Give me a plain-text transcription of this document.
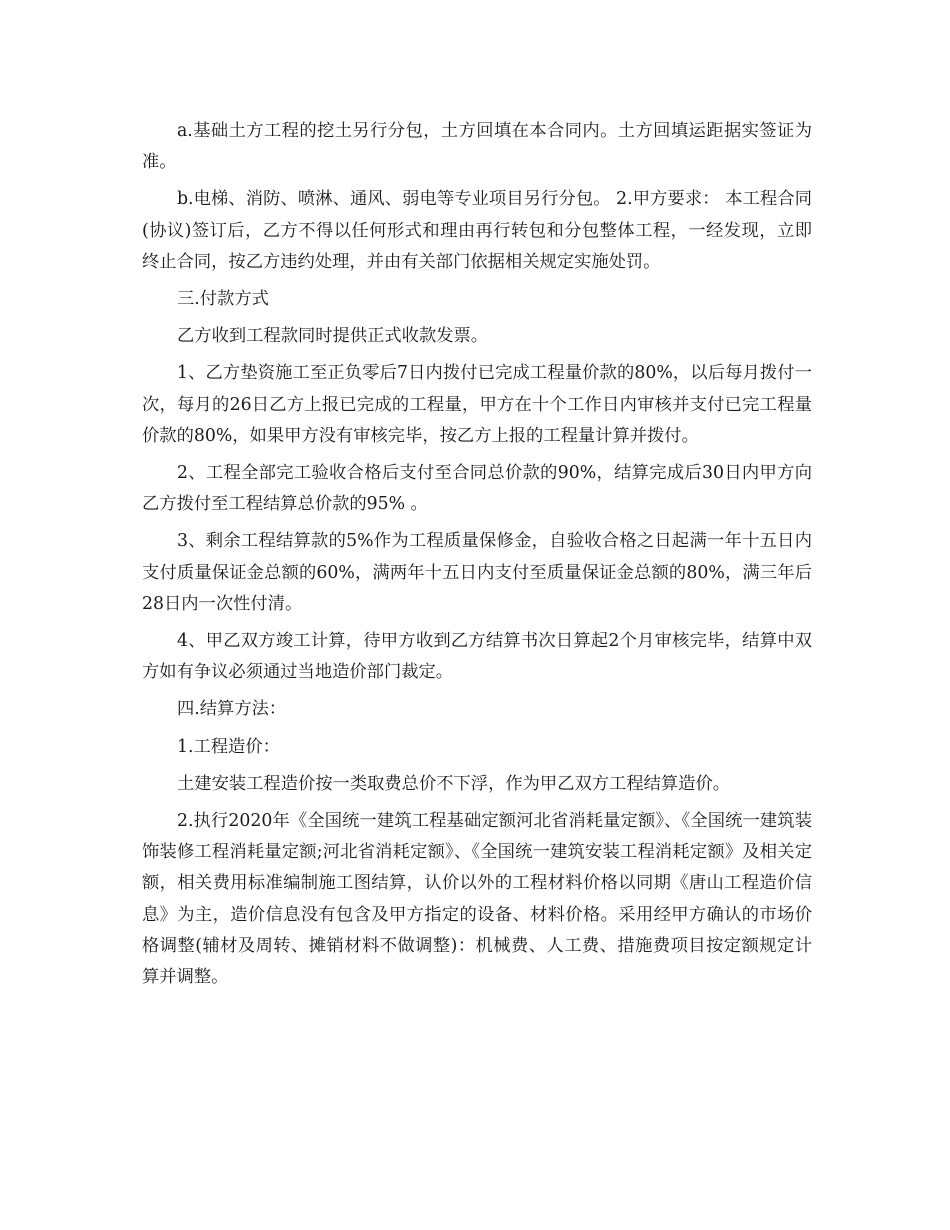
a.基础土方工程的挖土另行分包，土方回填在本合同内。土方回填运距据实签证为准。

b.电梯、消防、喷淋、通风、弱电等专业项目另行分包。 2.甲方要求： 本工程合同(协议)签订后，乙方不得以任何形式和理由再行转包和分包整体工程，一经发现，立即终止合同，按乙方违约处理，并由有关部门依据相关规定实施处罚。

三.付款方式

乙方收到工程款同时提供正式收款发票。

1、乙方垫资施工至正负零后7日内拨付已完成工程量价款的80%，以后每月拨付一次，每月的26日乙方上报已完成的工程量，甲方在十个工作日内审核并支付已完工程量价款的80%，如果甲方没有审核完毕，按乙方上报的工程量计算并拨付。

2、工程全部完工验收合格后支付至合同总价款的90%，结算完成后30日内甲方向乙方拨付至工程结算总价款的95% 。

3、剩余工程结算款的5%作为工程质量保修金，自验收合格之日起满一年十五日内支付质量保证金总额的60%，满两年十五日内支付至质量保证金总额的80%，满三年后28日内一次性付清。

4、甲乙双方竣工计算，待甲方收到乙方结算书次日算起2个月审核完毕，结算中双方如有争议必须通过当地造价部门裁定。

四.结算方法：

1.工程造价：

土建安装工程造价按一类取费总价不下浮，作为甲乙双方工程结算造价。

2.执行2020年《全国统一建筑工程基础定额河北省消耗量定额》、《全国统一建筑装饰装修工程消耗量定额;河北省消耗定额》、《全国统一建筑安装工程消耗定额》及相关定额，相关费用标准编制施工图结算，认价以外的工程材料价格以同期《唐山工程造价信息》为主，造价信息没有包含及甲方指定的设备、材料价格。采用经甲方确认的市场价格调整(辅材及周转、摊销材料不做调整)：机械费、人工费、措施费项目按定额规定计算并调整。
